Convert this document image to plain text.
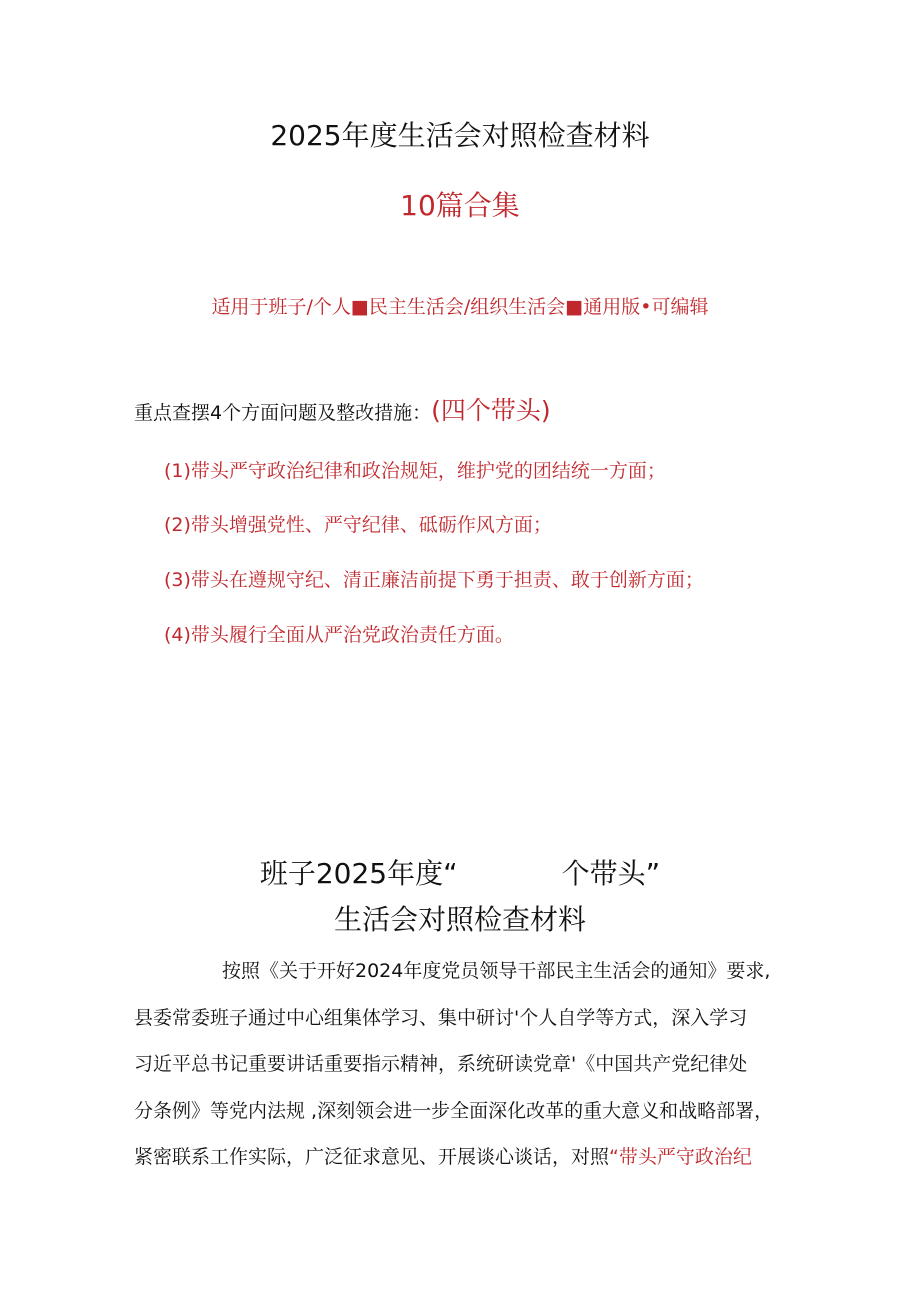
2025年度生活会对照检查材料
10篇合集
适用于班子/个人■民主生活会/组织生活会■通用版•可编辑
重点查摆4个方面问题及整改措施：(四个带头)
(1)带头严守政治纪律和政治规矩，维护党的团结统一方面；
(2)带头增强党性、严守纪律、砥砺作风方面；
(3)带头在遵规守纪、清正廉洁前提下勇于担责、敢于创新方面；
(4)带头履行全面从严治党政治责任方面。
班子2025年度“	个带头”
生活会对照检查材料
按照《关于开好2024年度党员领导干部民主生活会的通知》要求,
县委常委班子通过中心组集体学习、集中研讨'个人自学等方式，深入学习
习近平总书记重要讲话重要指示精神，系统研读党章'《中国共产党纪律处
分条例》等党内法规 ,深刻领会进一步全面深化改革的重大意义和战略部署，
紧密联系工作实际，广泛征求意见、开展谈心谈话，对照“带头严守政治纪
